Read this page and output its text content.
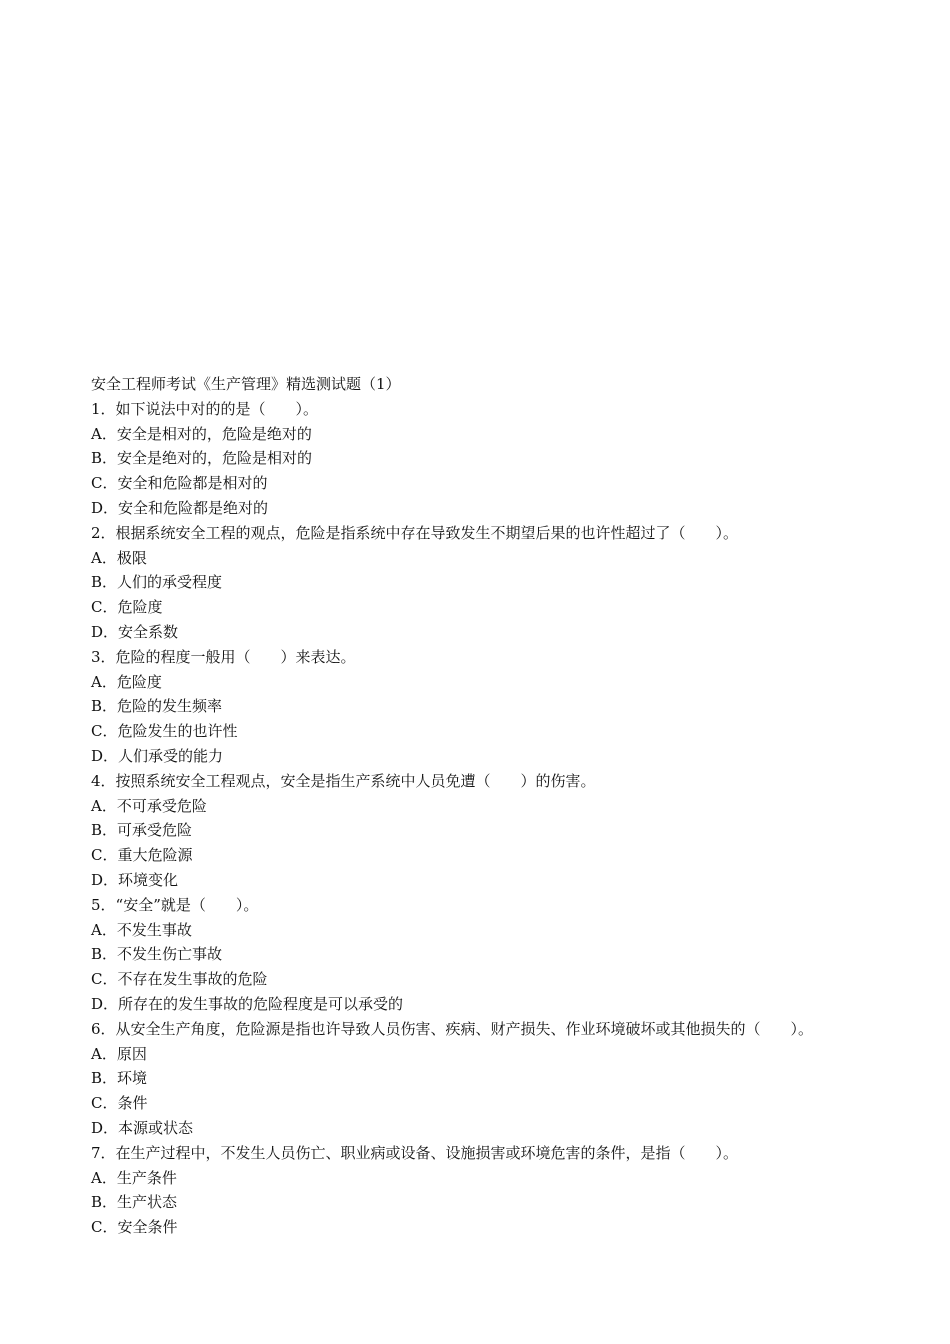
安全工程师考试《生产管理》精选测试题（1）
1．如下说法中对的的是（　　）。
A．安全是相对的，危险是绝对的
B．安全是绝对的，危险是相对的
C．安全和危险都是相对的
D．安全和危险都是绝对的
2．根据系统安全工程的观点，危险是指系统中存在导致发生不期望后果的也许性超过了（　　）。
A．极限
B．人们的承受程度
C．危险度
D．安全系数
3．危险的程度一般用（　　）来表达。
A．危险度
B．危险的发生频率
C．危险发生的也许性
D．人们承受的能力
4．按照系统安全工程观点，安全是指生产系统中人员免遭（　　）的伤害。
A．不可承受危险
B．可承受危险
C．重大危险源
D．环境变化
5．“安全”就是（　　）。
A．不发生事故
B．不发生伤亡事故
C．不存在发生事故的危险
D．所存在的发生事故的危险程度是可以承受的
6．从安全生产角度，危险源是指也许导致人员伤害、疾病、财产损失、作业环境破坏或其他损失的（　　）。
A．原因
B．环境
C．条件
D．本源或状态
7．在生产过程中，不发生人员伤亡、职业病或设备、设施损害或环境危害的条件，是指（　　）。
A．生产条件
B．生产状态
C．安全条件
